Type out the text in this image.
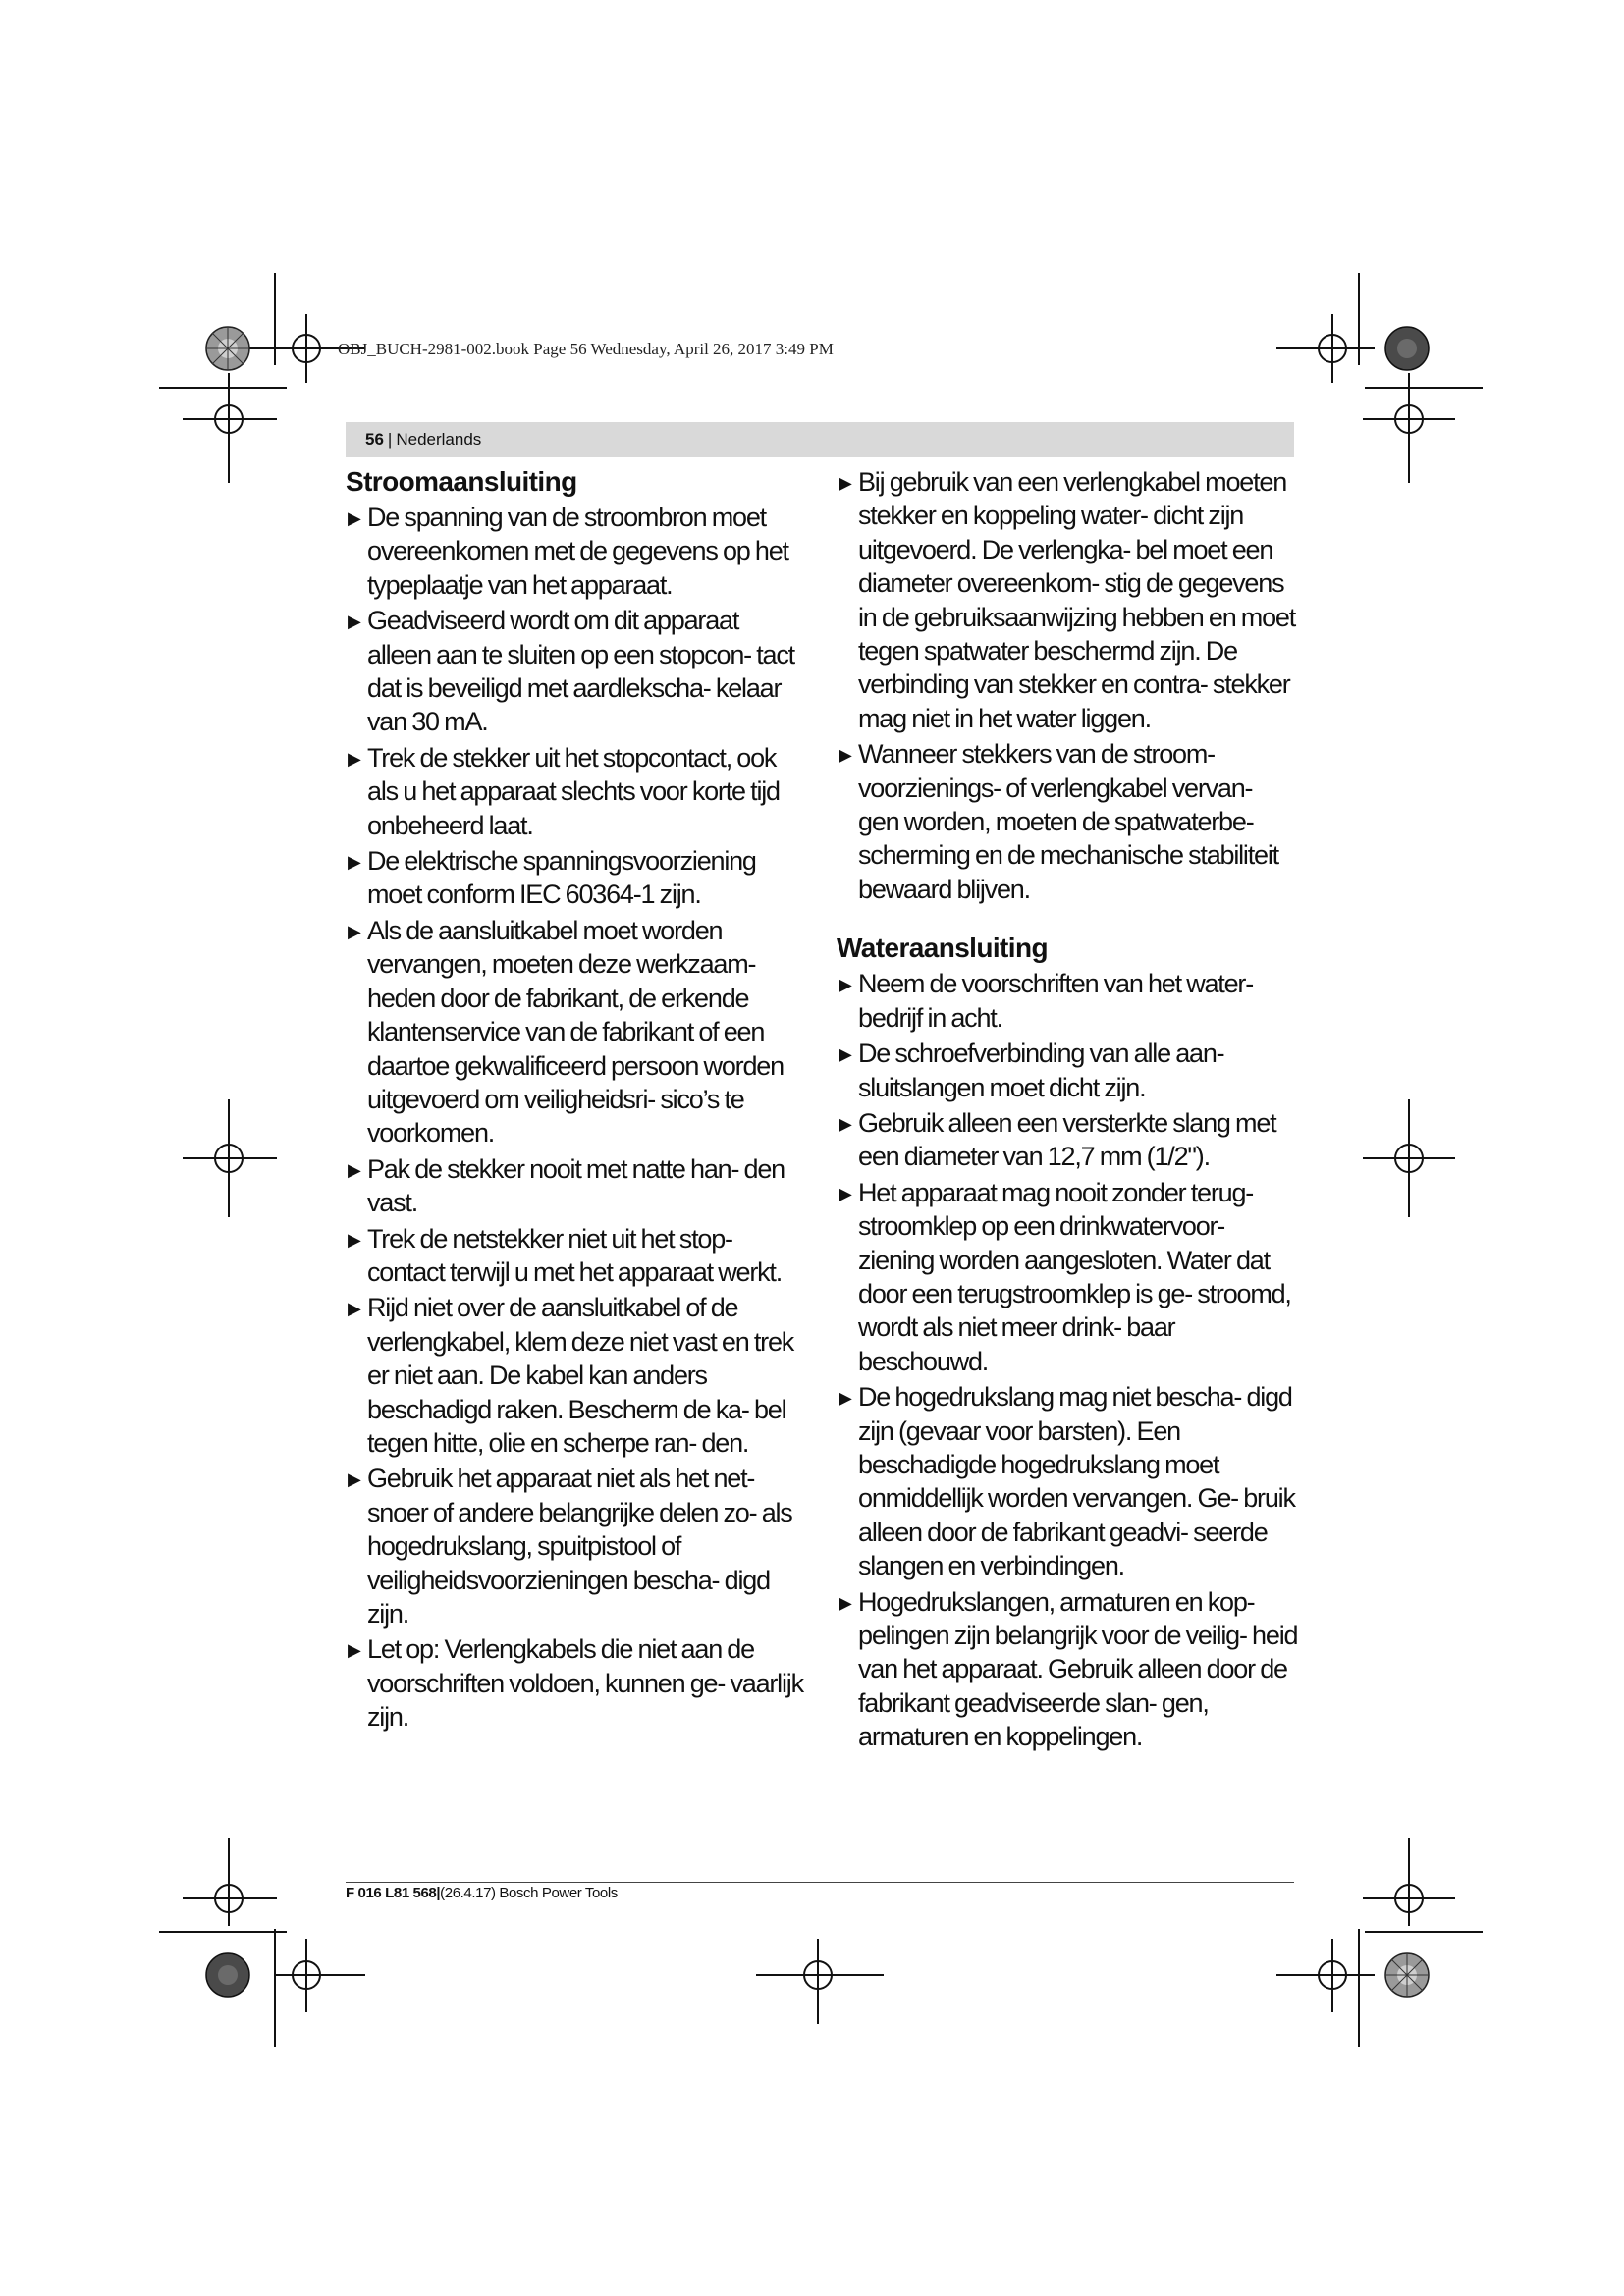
OBJ_BUCH-2981-002.book Page 56 Wednesday, April 26, 2017 3:49 PM
56 | Nederlands
Stroomaansluiting
▶ De spanning van de stroombron moet overeenkomen met de gegevens op het typeplaatje van het apparaat.
▶ Geadviseerd wordt om dit apparaat alleen aan te sluiten op een stopcon- tact dat is beveiligd met aardlekscha- kelaar van 30 mA.
▶ Trek de stekker uit het stopcontact, ook als u het apparaat slechts voor korte tijd onbeheerd laat.
▶ De elektrische spanningsvoorziening moet conform IEC 60364-1 zijn.
▶ Als de aansluitkabel moet worden vervangen, moeten deze werkzaam- heden door de fabrikant, de erkende klantenservice van de fabrikant of een daartoe gekwalificeerd persoon worden uitgevoerd om veiligheidsri- sico’s te voorkomen.
▶ Pak de stekker nooit met natte han- den vast.
▶ Trek de netstekker niet uit het stop- contact terwijl u met het apparaat werkt.
▶ Rijd niet over de aansluitkabel of de verlengkabel, klem deze niet vast en trek er niet aan. De kabel kan anders beschadigd raken. Bescherm de ka- bel tegen hitte, olie en scherpe ran- den.
▶ Gebruik het apparaat niet als het net- snoer of andere belangrijke delen zo- als hogedrukslang, spuitpistool of veiligheidsvoorzieningen bescha- digd zijn.
▶ Let op: Verlengkabels die niet aan de voorschriften voldoen, kunnen ge- vaarlijk zijn.
▶ Bij gebruik van een verlengkabel moeten stekker en koppeling water- dicht zijn uitgevoerd. De verlengka- bel moet een diameter overeenkom- stig de gegevens in de gebruiksaanwijzing hebben en moet tegen spatwater beschermd zijn. De verbinding van stekker en contra- stekker mag niet in het water liggen.
▶ Wanneer stekkers van de stroom- voorzienings- of verlengkabel vervan- gen worden, moeten de spatwaterbe- scherming en de mechanische stabiliteit bewaard blijven.
Wateraansluiting
▶ Neem de voorschriften van het water- bedrijf in acht.
▶ De schroefverbinding van alle aan- sluitslangen moet dicht zijn.
▶ Gebruik alleen een versterkte slang met een diameter van 12,7 mm (1/2").
▶ Het apparaat mag nooit zonder terug- stroomklep op een drinkwatervoor- ziening worden aangesloten. Water dat door een terugstroomklep is ge- stroomd, wordt als niet meer drink- baar beschouwd.
▶ De hogedrukslang mag niet bescha- digd zijn (gevaar voor barsten). Een beschadigde hogedrukslang moet onmiddellijk worden vervangen. Ge- bruik alleen door de fabrikant geadvi- seerde slangen en verbindingen.
▶ Hogedrukslangen, armaturen en kop- pelingen zijn belangrijk voor de veilig- heid van het apparaat. Gebruik alleen door de fabrikant geadviseerde slan- gen, armaturen en koppelingen.
F 016 L81 568|(26.4.17) Bosch Power Tools
